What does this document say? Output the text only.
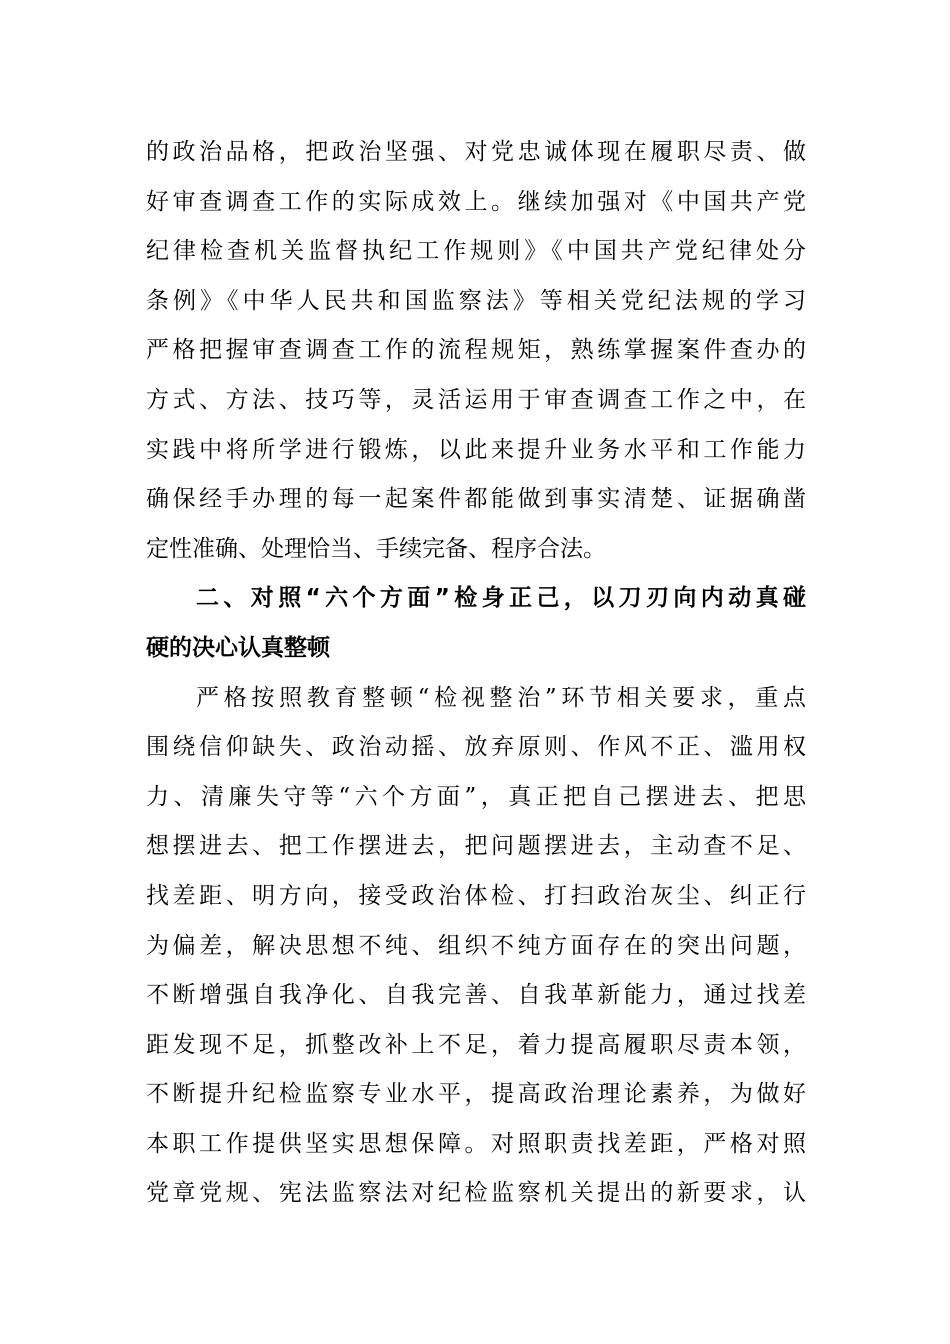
的政治品格，把政治坚强、对党忠诚体现在履职尽责、做
好审查调查工作的实际成效上。继续加强对《中国共产党
纪律检查机关监督执纪工作规则》《中国共产党纪律处分
条例》《中华人民共和国监察法》等相关党纪法规的学习
严格把握审查调查工作的流程规矩，熟练掌握案件查办的
方式、方法、技巧等，灵活运用于审查调查工作之中，在
实践中将所学进行锻炼，以此来提升业务水平和工作能力
确保经手办理的每一起案件都能做到事实清楚、证据确凿
定性准确、处理恰当、手续完备、程序合法。
二、对照“六个方面”检身正己，以刀刃向内动真碰
硬的决心认真整顿
严格按照教育整顿“检视整治”环节相关要求，重点
围绕信仰缺失、政治动摇、放弃原则、作风不正、滥用权
力、清廉失守等“六个方面”，真正把自己摆进去、把思
想摆进去、把工作摆进去，把问题摆进去，主动查不足、
找差距、明方向，接受政治体检、打扫政治灰尘、纠正行
为偏差，解决思想不纯、组织不纯方面存在的突出问题，
不断增强自我净化、自我完善、自我革新能力，通过找差
距发现不足，抓整改补上不足，着力提高履职尽责本领，
不断提升纪检监察专业水平，提高政治理论素养，为做好
本职工作提供坚实思想保障。对照职责找差距，严格对照
党章党规、宪法监察法对纪检监察机关提出的新要求，认
